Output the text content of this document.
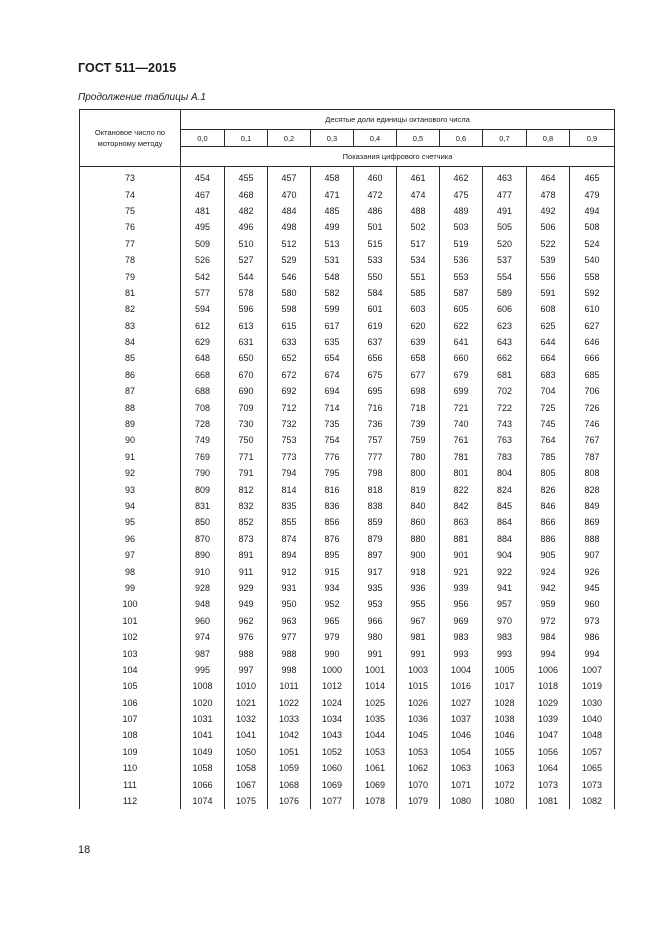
ГОСТ 511—2015
Продолжение таблицы А.1
Октановое число по моторному методу	Десятые доли единицы октанового числа									
	0,0	0,1	0,2	0,3	0,4	0,5	0,6	0,7	0,8	0,9
	Показания цифрового счетчика									
73	454	455	457	458	460	461	462	463	464	465
74	467	468	470	471	472	474	475	477	478	479
75	481	482	484	485	486	488	489	491	492	494
76	495	496	498	499	501	502	503	505	506	508
77	509	510	512	513	515	517	519	520	522	524
78	526	527	529	531	533	534	536	537	539	540
79	542	544	546	548	550	551	553	554	556	558
81	577	578	580	582	584	585	587	589	591	592
82	594	596	598	599	601	603	605	606	608	610
83	612	613	615	617	619	620	622	623	625	627
84	629	631	633	635	637	639	641	643	644	646
85	648	650	652	654	656	658	660	662	664	666
86	668	670	672	674	675	677	679	681	683	685
87	688	690	692	694	695	698	699	702	704	706
88	708	709	712	714	716	718	721	722	725	726
89	728	730	732	735	736	739	740	743	745	746
90	749	750	753	754	757	759	761	763	764	767
91	769	771	773	776	777	780	781	783	785	787
92	790	791	794	795	798	800	801	804	805	808
93	809	812	814	816	818	819	822	824	826	828
94	831	832	835	836	838	840	842	845	846	849
95	850	852	855	856	859	860	863	864	866	869
96	870	873	874	876	879	880	881	884	886	888
97	890	891	894	895	897	900	901	904	905	907
98	910	911	912	915	917	918	921	922	924	926
99	928	929	931	934	935	936	939	941	942	945
100	948	949	950	952	953	955	956	957	959	960
101	960	962	963	965	966	967	969	970	972	973
102	974	976	977	979	980	981	983	983	984	986
103	987	988	988	990	991	991	993	993	994	994
104	995	997	998	1000	1001	1003	1004	1005	1006	1007
105	1008	1010	1011	1012	1014	1015	1016	1017	1018	1019
106	1020	1021	1022	1024	1025	1026	1027	1028	1029	1030
107	1031	1032	1033	1034	1035	1036	1037	1038	1039	1040
108	1041	1041	1042	1043	1044	1045	1046	1046	1047	1048
109	1049	1050	1051	1052	1053	1053	1054	1055	1056	1057
110	1058	1058	1059	1060	1061	1062	1063	1063	1064	1065
111	1066	1067	1068	1069	1069	1070	1071	1072	1073	1073
112	1074	1075	1076	1077	1078	1079	1080	1080	1081	1082
18
